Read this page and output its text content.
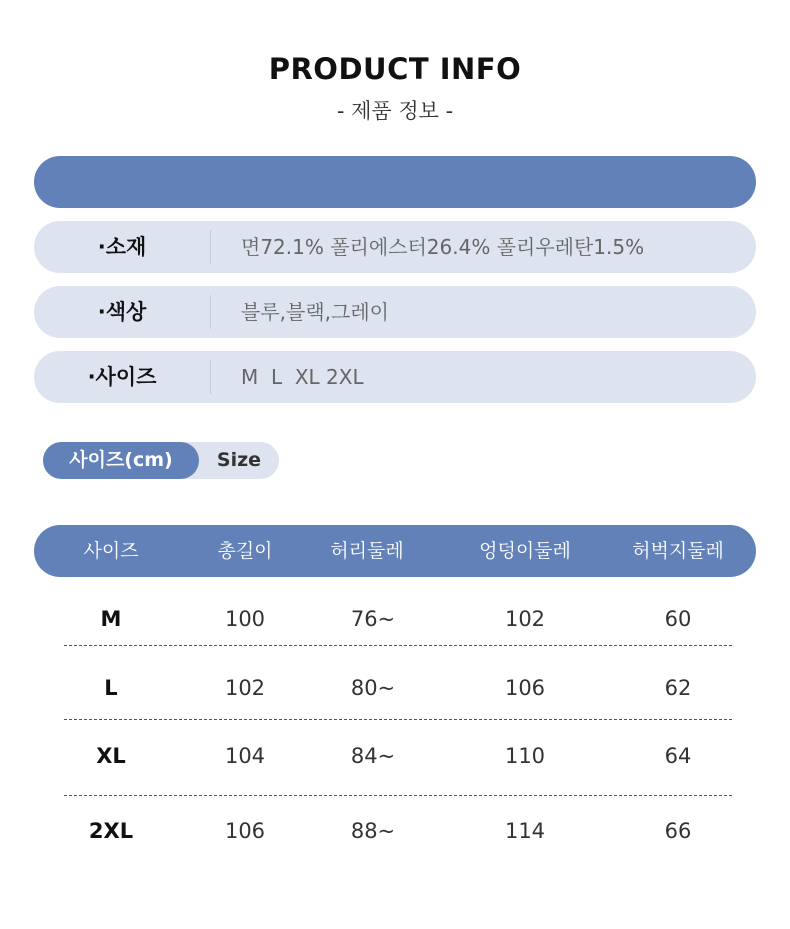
PRODUCT INFO
- 제품 정보 -
·소재	면72.1% 폴리에스터26.4% 폴리우레탄1.5%
·색상	블루,블랙,그레이
·사이즈	M  L  XL 2XL
사이즈(cm)	Size
사이즈	총길이	허리둘레	엉덩이둘레	허벅지둘레
M	100	76~	102	60
L	102	80~	106	62
XL	104	84~	110	64
2XL	106	88~	114	66
